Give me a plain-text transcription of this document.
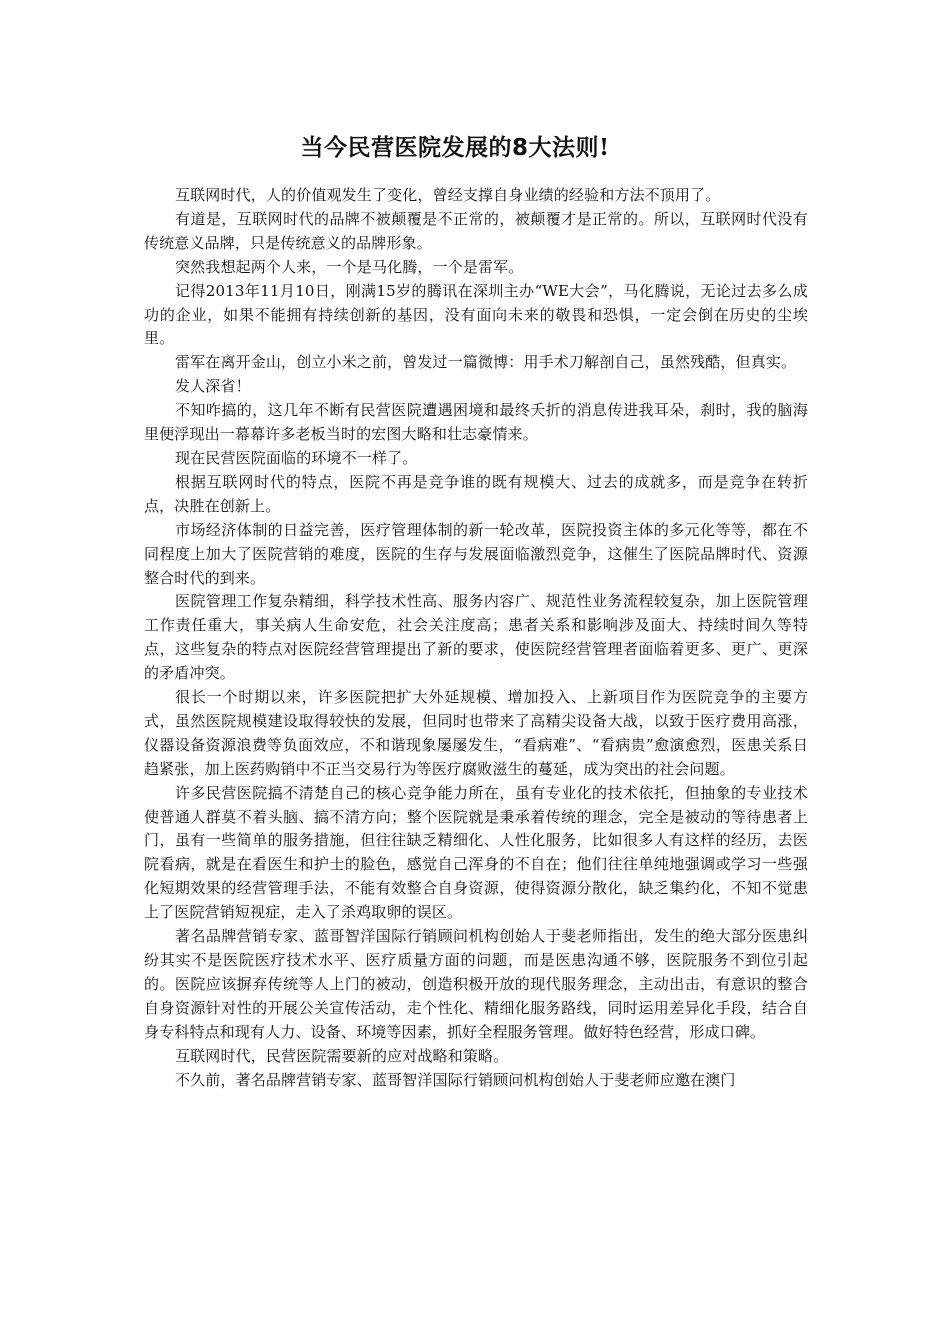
当今民营医院发展的8大法则!

互联网时代，人的价值观发生了变化，曾经支撑自身业绩的经验和方法不顶用了。

有道是，互联网时代的品牌不被颠覆是不正常的，被颠覆才是正常的。所以，互联网时代没有传统意义品牌，只是传统意义的品牌形象。

突然我想起两个人来，一个是马化腾，一个是雷军。

记得2013年11月10日，刚满15岁的腾讯在深圳主办“WE大会”，马化腾说，无论过去多么成功的企业，如果不能拥有持续创新的基因，没有面向未来的敬畏和恐惧，一定会倒在历史的尘埃里。

雷军在离开金山，创立小米之前，曾发过一篇微博：用手术刀解剖自己，虽然残酷，但真实。

发人深省！

不知咋搞的，这几年不断有民营医院遭遇困境和最终夭折的消息传进我耳朵，刹时，我的脑海里便浮现出一幕幕许多老板当时的宏图大略和壮志豪情来。

现在民营医院面临的环境不一样了。

根据互联网时代的特点，医院不再是竞争谁的既有规模大、过去的成就多，而是竞争在转折点，决胜在创新上。

市场经济体制的日益完善，医疗管理体制的新一轮改革，医院投资主体的多元化等等，都在不同程度上加大了医院营销的难度，医院的生存与发展面临激烈竞争，这催生了医院品牌时代、资源整合时代的到来。

医院管理工作复杂精细，科学技术性高、服务内容广、规范性业务流程较复杂，加上医院管理工作责任重大，事关病人生命安危，社会关注度高；患者关系和影响涉及面大、持续时间久等特点，这些复杂的特点对医院经营管理提出了新的要求，使医院经营管理者面临着更多、更广、更深的矛盾冲突。

很长一个时期以来，许多医院把扩大外延规模、增加投入、上新项目作为医院竞争的主要方式，虽然医院规模建设取得较快的发展，但同时也带来了高精尖设备大战，以致于医疗费用高涨，仪器设备资源浪费等负面效应，不和谐现象屡屡发生，“看病难”、“看病贵”愈演愈烈，医患关系日趋紧张，加上医药购销中不正当交易行为等医疗腐败滋生的蔓延，成为突出的社会问题。

许多民营医院搞不清楚自己的核心竞争能力所在，虽有专业化的技术依托，但抽象的专业技术使普通人群莫不着头脑、搞不清方向；整个医院就是秉承着传统的理念，完全是被动的等待患者上门，虽有一些简单的服务措施，但往往缺乏精细化、人性化服务，比如很多人有这样的经历，去医院看病，就是在看医生和护士的脸色，感觉自己浑身的不自在；他们往往单纯地强调或学习一些强化短期效果的经营管理手法，不能有效整合自身资源，使得资源分散化，缺乏集约化，不知不觉患上了医院营销短视症，走入了杀鸡取卵的误区。

著名品牌营销专家、蓝哥智洋国际行销顾问机构创始人于斐老师指出，发生的绝大部分医患纠纷其实不是医院医疗技术水平、医疗质量方面的问题，而是医患沟通不够，医院服务不到位引起的。医院应该摒弃传统等人上门的被动，创造积极开放的现代服务理念，主动出击，有意识的整合自身资源针对性的开展公关宣传活动，走个性化、精细化服务路线，同时运用差异化手段，结合自身专科特点和现有人力、设备、环境等因素，抓好全程服务管理。做好特色经营，形成口碑。

互联网时代，民营医院需要新的应对战略和策略。

不久前，著名品牌营销专家、蓝哥智洋国际行销顾问机构创始人于斐老师应邀在澳门
